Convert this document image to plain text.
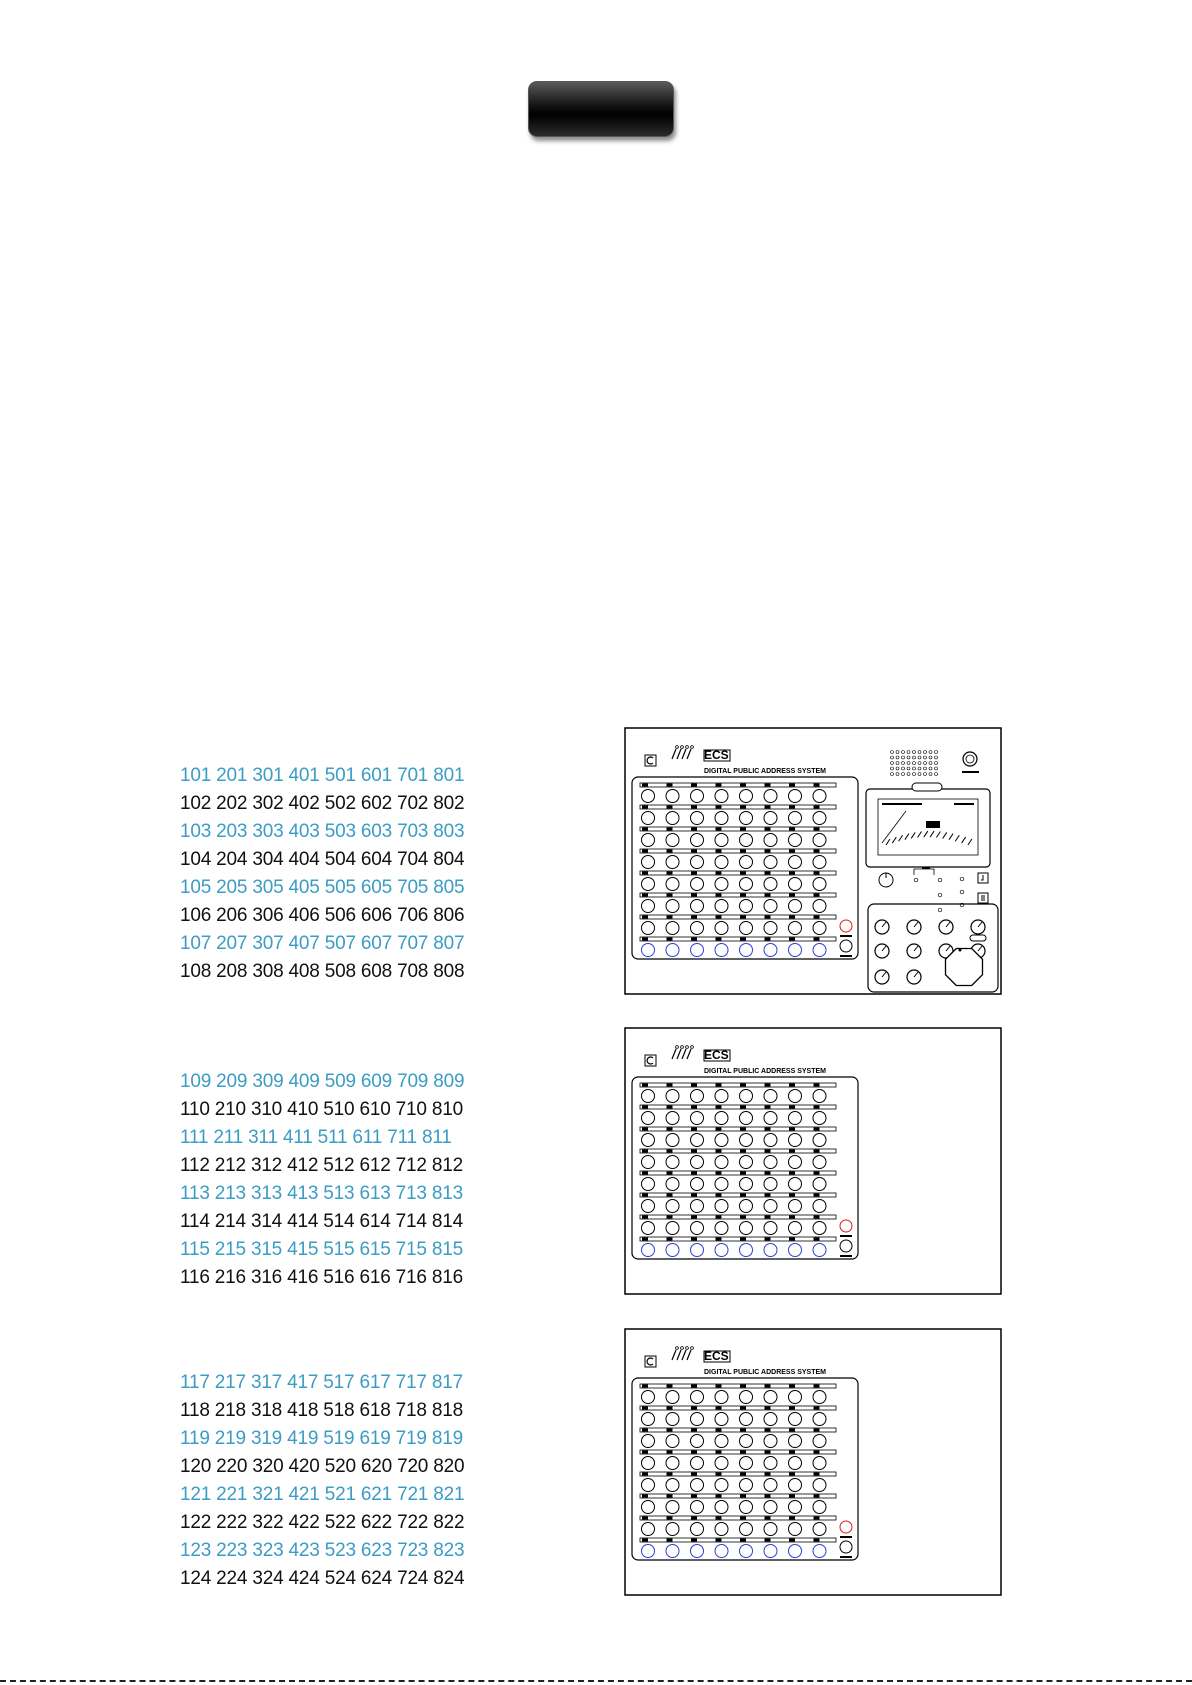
101 201 301 401 501 601 701 801
102 202 302 402 502 602 702 802
103 203 303 403 503 603 703 803
104 204 304 404 504 604 704 804
105 205 305 405 505 605 705 805
106 206 306 406 506 606 706 806
107 207 307 407 507 607 707 807
108 208 308 408 508 608 708 808
109 209 309 409 509 609 709 809
110 210 310 410 510 610 710 810
111 211 311 411 511 611 711 811
112 212 312 412 512 612 712 812
113 213 313 413 513 613 713 813
114 214 314 414 514 614 714 814
115 215 315 415 515 615 715 815
116 216 316 416 516 616 716 816
117 217 317 417 517 617 717 817
118 218 318 418 518 618 718 818
119 219 319 419 519 619 719 819
120 220 320 420 520 620 720 820
121 221 321 421 521 621 721 821
122 222 322 422 522 622 722 822
123 223 323 423 523 623 723 823
124 224 324 424 524 624 724 824
ECS
DIGITAL PUBLIC ADDRESS SYSTEM
ECS
DIGITAL PUBLIC ADDRESS SYSTEM
ECS
DIGITAL PUBLIC ADDRESS SYSTEM
